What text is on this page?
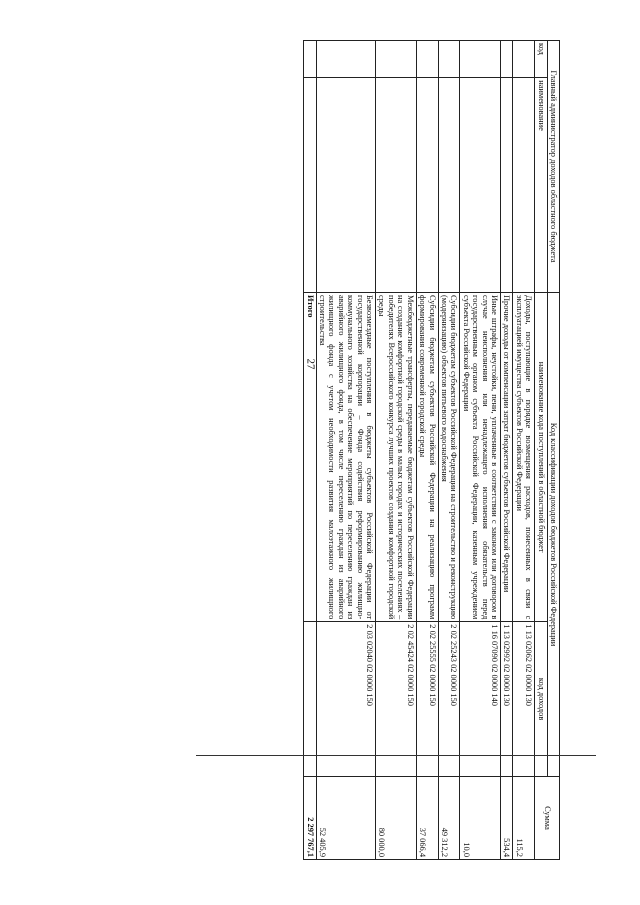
27
Главный администратор доходов областного бюджета		Код классификации доходов бюджетов Российской Федерации		Сумма
код	наименование	наименование кода поступлений в областной бюджет	код доходов	
		Доходы, поступающие в порядке возмещения расходов, понесенных в связи с эксплуатацией имущества субъектов Российской Федерации	1 13 02062 02 0000 130	115,2
		Прочие доходы от компенсации затрат бюджетов субъектов Российской Федерации	1 13 02992 02 0000 130	534,4
		Иные штрафы, неустойки, пени, уплаченные в соответствии с законом или договором в случае неисполнения или ненадлежащего исполнения обязательств перед государственным органом субъекта Российской Федерации, казенным учреждением субъекта Российской Федерации	1 16 07090 02 0000 140	10,0
		Субсидии бюджетам субъектов Российской Федерации на строительство и реконструкцию (модернизацию) объектов питьевого водоснабжения	2 02 25243 02 0000 150	49 312,2
		Субсидии бюджетам субъектов Российской Федерации на реализацию программ формирования современной городской среды	2 02 25555 02 0000 150	37 066,4
		Межбюджетные трансферты, передаваемые бюджетам субъектов Российской Федерации на создание комфортной городской среды в малых городах и исторических поселениях – победителях Всероссийского конкурса лучших проектов создания комфортной городской среды	2 02 45424 02 0000 150	80 000,0
		Безвозмездные поступления в бюджеты субъектов Российской Федерации от государственной корпорации – Фонда содействия реформированию жилищно-коммунального хозяйства на обеспечение мероприятий по переселению граждан из аварийного жилищного фонда, в том числе переселению граждан из аварийного жилищного фонда с учетом необходимости развития малоэтажного жилищного строительства	2 03 02040 02 0000 150	52 405,9
		Итого		2 297 767,1
